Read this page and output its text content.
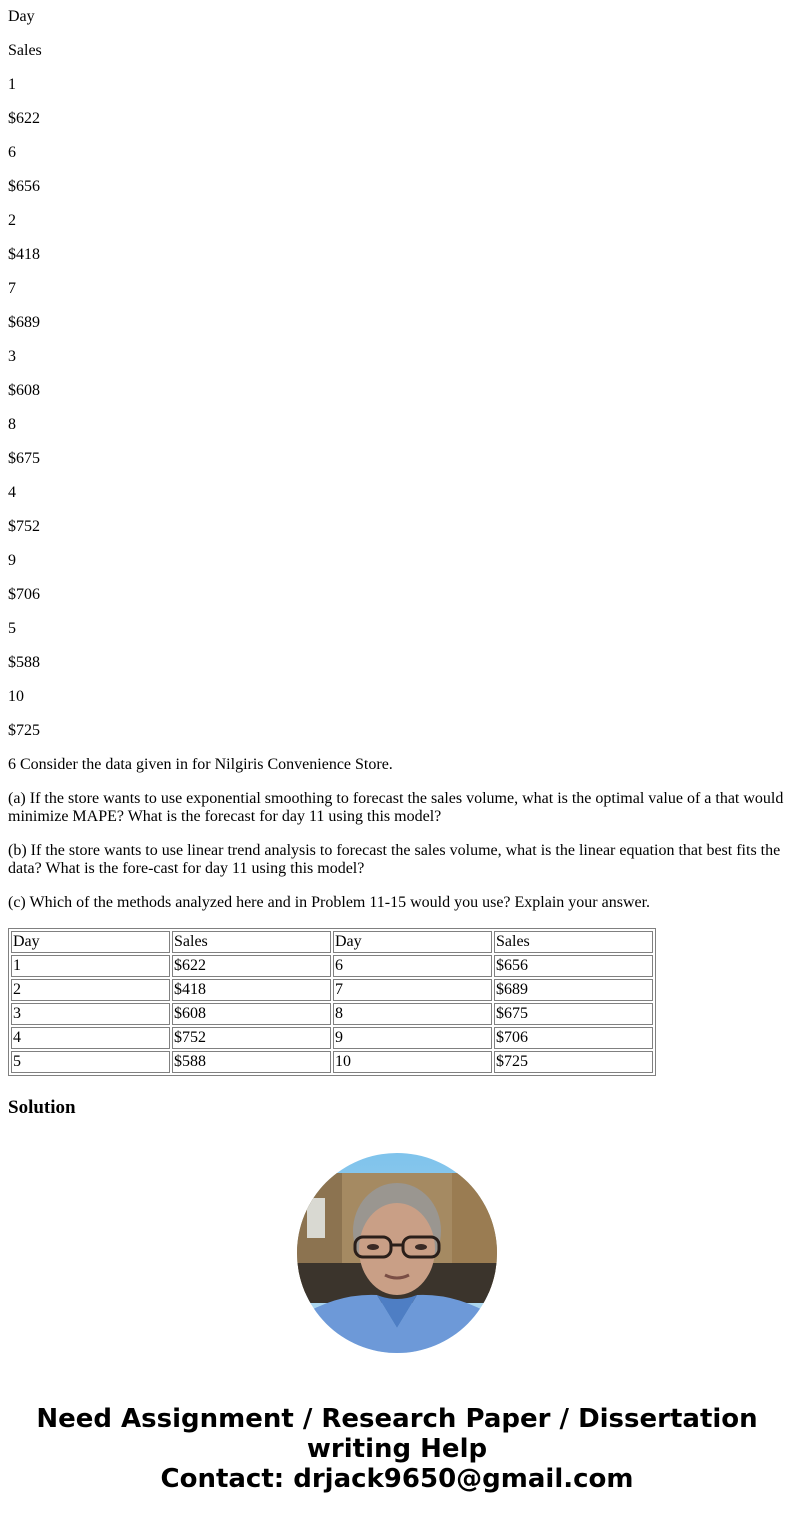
Day

Sales

1

$622

6

$656

2

$418

7

$689

3

$608

8

$675

4

$752

9

$706

5

$588

10

$725

6 Consider the data given in for Nilgiris Convenience Store.

(a) If the store wants to use exponential smoothing to forecast the sales volume, what is the optimal value of a that would minimize MAPE? What is the forecast for day 11 using this model?

(b) If the store wants to use linear trend analysis to forecast the sales volume, what is the linear equation that best fits the data? What is the fore-cast for day 11 using this model?

(c) Which of the methods analyzed here and in Problem 11-15 would you use? Explain your answer.

Day	Sales	Day	Sales
1	$622	6	$656
2	$418	7	$689
3	$608	8	$675
4	$752	9	$706
5	$588	10	$725
Solution
Need Assignment / Research Paper / Dissertation
writing Help
Contact: drjack9650@gmail.com
